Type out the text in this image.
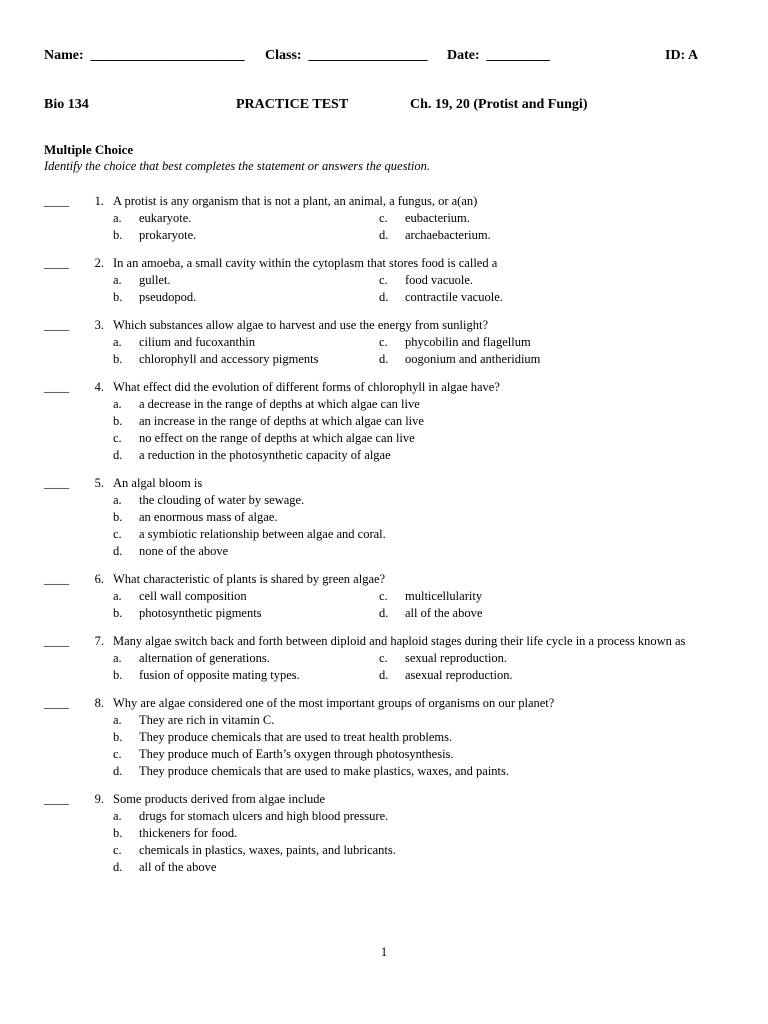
Name:  ______________________ Class:  _________________ Date:  _________	ID: A
Bio 134	PRACTICE TEST	Ch. 19, 20 (Protist and Fungi)
Multiple Choice
Identify the choice that best completes the statement or answers the question.
____ 1. A protist is any organism that is not a plant, an animal, a fungus, or a(an)
a.	eukaryote.	c.	eubacterium.
b.	prokaryote.	d.	archaebacterium.
____ 2. In an amoeba, a small cavity within the cytoplasm that stores food is called a
a.	gullet.	c.	food vacuole.
b.	pseudopod.	d.	contractile vacuole.
____ 3. Which substances allow algae to harvest and use the energy from sunlight?
a.	cilium and fucoxanthin	c.	phycobilin and flagellum
b.	chlorophyll and accessory pigments	d.	oogonium and antheridium
____ 4. What effect did the evolution of different forms of chlorophyll in algae have?
a.	a decrease in the range of depths at which algae can live
b.	an increase in the range of depths at which algae can live
c.	no effect on the range of depths at which algae can live
d.	a reduction in the photosynthetic capacity of algae
____ 5. An algal bloom is
a.	the clouding of water by sewage.
b.	an enormous mass of algae.
c.	a symbiotic relationship between algae and coral.
d.	none of the above
____ 6. What characteristic of plants is shared by green algae?
a.	cell wall composition	c.	multicellularity
b.	photosynthetic pigments	d.	all of the above
____ 7. Many algae switch back and forth between diploid and haploid stages during their life cycle in a process known as
a.	alternation of generations.	c.	sexual reproduction.
b.	fusion of opposite mating types.	d.	asexual reproduction.
____ 8. Why are algae considered one of the most important groups of organisms on our planet?
a.	They are rich in vitamin C.
b.	They produce chemicals that are used to treat health problems.
c.	They produce much of Earth’s oxygen through photosynthesis.
d.	They produce chemicals that are used to make plastics, waxes, and paints.
____ 9. Some products derived from algae include
a.	drugs for stomach ulcers and high blood pressure.
b.	thickeners for food.
c.	chemicals in plastics, waxes, paints, and lubricants.
d.	all of the above
1
